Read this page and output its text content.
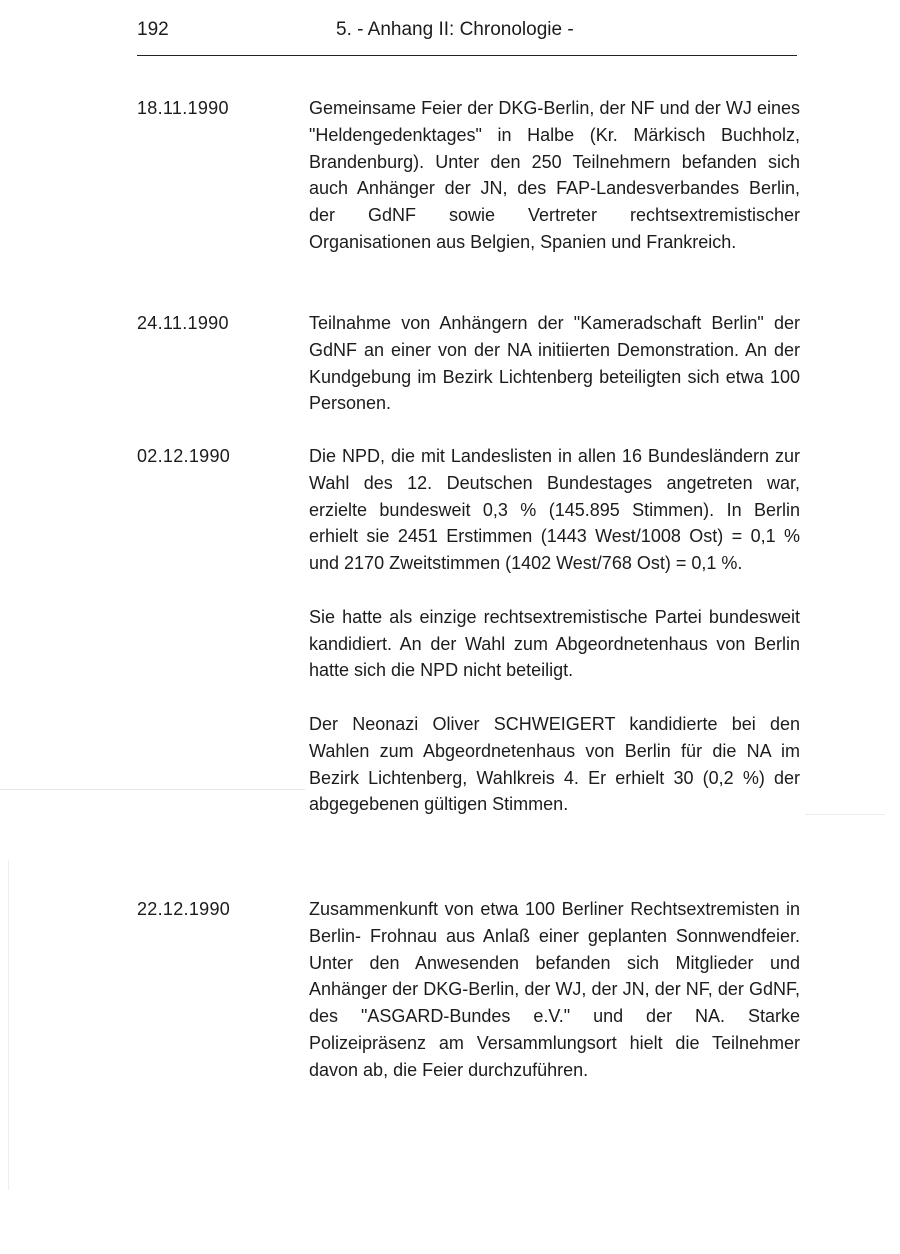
192	5. - Anhang II: Chronologie -
18.11.1990	Gemeinsame Feier der DKG-Berlin, der NF und der WJ eines "Heldengedenktages" in Halbe (Kr. Märkisch Buchholz, Brandenburg). Unter den 250 Teilnehmern befanden sich auch Anhänger der JN, des FAP-Landesverbandes Berlin, der GdNF sowie Vertreter rechtsextremistischer Organisationen aus Belgien, Spanien und Frankreich.

24.11.1990	Teilnahme von Anhängern der "Kameradschaft Berlin" der GdNF an einer von der NA initiierten Demonstration. An der Kundgebung im Bezirk Lichtenberg beteiligten sich etwa 100 Personen.

02.12.1990	Die NPD, die mit Landeslisten in allen 16 Bundesländern zur Wahl des 12. Deutschen Bundestages angetreten war, erzielte bundesweit 0,3 % (145.895 Stimmen). In Berlin erhielt sie 2451 Erstimmen (1443 West/1008 Ost) = 0,1 % und 2170 Zweitstimmen (1402 West/768 Ost) = 0,1 %.

Sie hatte als einzige rechtsextremistische Partei bundesweit kandidiert. An der Wahl zum Abgeordnetenhaus von Berlin hatte sich die NPD nicht beteiligt.

Der Neonazi Oliver SCHWEIGERT kandidierte bei den Wahlen zum Abgeordnetenhaus von Berlin für die NA im Bezirk Lichtenberg, Wahlkreis 4. Er erhielt 30 (0,2 %) der abgegebenen gültigen Stimmen.

22.12.1990	Zusammenkunft von etwa 100 Berliner Rechtsextremisten in Berlin- Frohnau aus Anlaß einer geplanten Sonnwendfeier. Unter den Anwesenden befanden sich Mitglieder und Anhänger der DKG-Berlin, der WJ, der JN, der NF, der GdNF, des "ASGARD-Bundes e.V." und der NA. Starke Polizeipräsenz am Versammlungsort hielt die Teilnehmer davon ab, die Feier durchzuführen.
